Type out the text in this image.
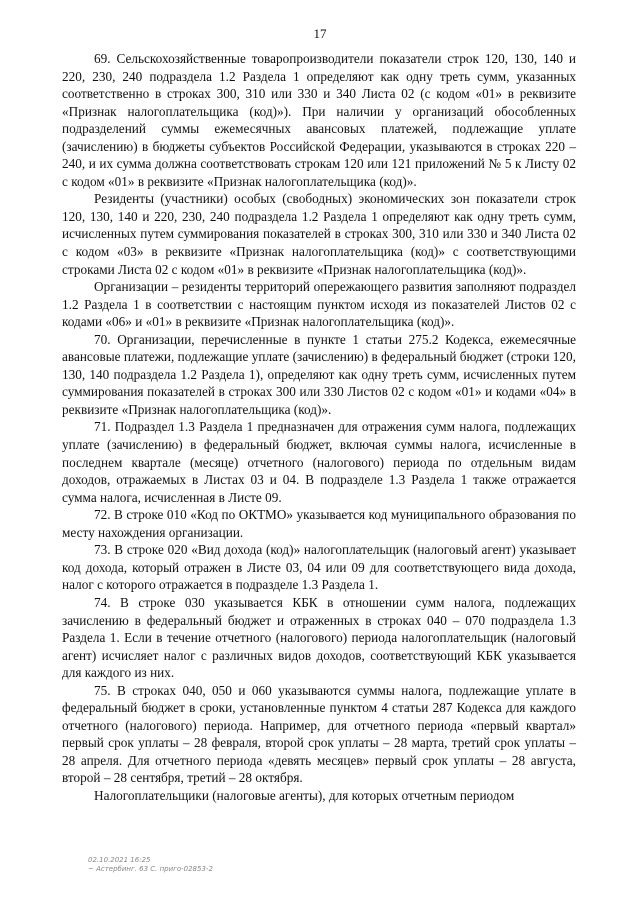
17

69. Сельскохозяйственные товаропроизводители показатели строк 120, 130, 140 и 220, 230, 240 подраздела 1.2 Раздела 1 определяют как одну треть сумм, указанных соответственно в строках 300, 310 или 330 и 340 Листа 02 (с кодом «01» в реквизите «Признак налогоплательщика (код)»). При наличии у организаций обособленных подразделений суммы ежемесячных авансовых платежей, подлежащие уплате (зачислению) в бюджеты субъектов Российской Федерации, указываются в строках 220 – 240, и их сумма должна соответствовать строкам 120 или 121 приложений № 5 к Листу 02 с кодом «01» в реквизите «Признак налогоплательщика (код)».

Резиденты (участники) особых (свободных) экономических зон показатели строк 120, 130, 140 и 220, 230, 240 подраздела 1.2 Раздела 1 определяют как одну треть сумм, исчисленных путем суммирования показателей в строках 300, 310 или 330 и 340 Листа 02 с кодом «03» в реквизите «Признак налогоплательщика (код)» с соответствующими строками Листа 02 с кодом «01» в реквизите «Признак налогоплательщика (код)».

Организации – резиденты территорий опережающего развития заполняют подраздел 1.2 Раздела 1 в соответствии с настоящим пунктом исходя из показателей Листов 02 с кодами «06» и «01» в реквизите «Признак налогоплательщика (код)».

70. Организации, перечисленные в пункте 1 статьи 275.2 Кодекса, ежемесячные авансовые платежи, подлежащие уплате (зачислению) в федеральный бюджет (строки 120, 130, 140 подраздела 1.2 Раздела 1), определяют как одну треть сумм, исчисленных путем суммирования показателей в строках 300 или 330 Листов 02 с кодом «01» и кодами «04» в реквизите «Признак налогоплательщика (код)».

71. Подраздел 1.3 Раздела 1 предназначен для отражения сумм налога, подлежащих уплате (зачислению) в федеральный бюджет, включая суммы налога, исчисленные в последнем квартале (месяце) отчетного (налогового) периода по отдельным видам доходов, отражаемых в Листах 03 и 04. В подразделе 1.3 Раздела 1 также отражается сумма налога, исчисленная в Листе 09.

72. В строке 010 «Код по ОКТМО» указывается код муниципального образования по месту нахождения организации.

73. В строке 020 «Вид дохода (код)» налогоплательщик (налоговый агент) указывает код дохода, который отражен в Листе 03, 04 или 09 для соответствующего вида дохода, налог с которого отражается в подразделе 1.3 Раздела 1.

74. В строке 030 указывается КБК в отношении сумм налога, подлежащих зачислению в федеральный бюджет и отраженных в строках 040 – 070 подраздела 1.3 Раздела 1. Если в течение отчетного (налогового) периода налогоплательщик (налоговый агент) исчисляет налог с различных видов доходов, соответствующий КБК указывается для каждого из них.

75. В строках 040, 050 и 060 указываются суммы налога, подлежащие уплате в федеральный бюджет в сроки, установленные пунктом 4 статьи 287 Кодекса для каждого отчетного (налогового) периода. Например, для отчетного периода «первый квартал» первый срок уплаты – 28 февраля, второй срок уплаты – 28 марта, третий срок уплаты – 28 апреля. Для отчетного периода «девять месяцев» первый срок уплаты – 28 августа, второй – 28 сентября, третий – 28 октября.

Налогоплательщики (налоговые агенты), для которых отчетным периодом

02.10.2021 16:25
~ Астербинг. 63 С. приго-02853-2
